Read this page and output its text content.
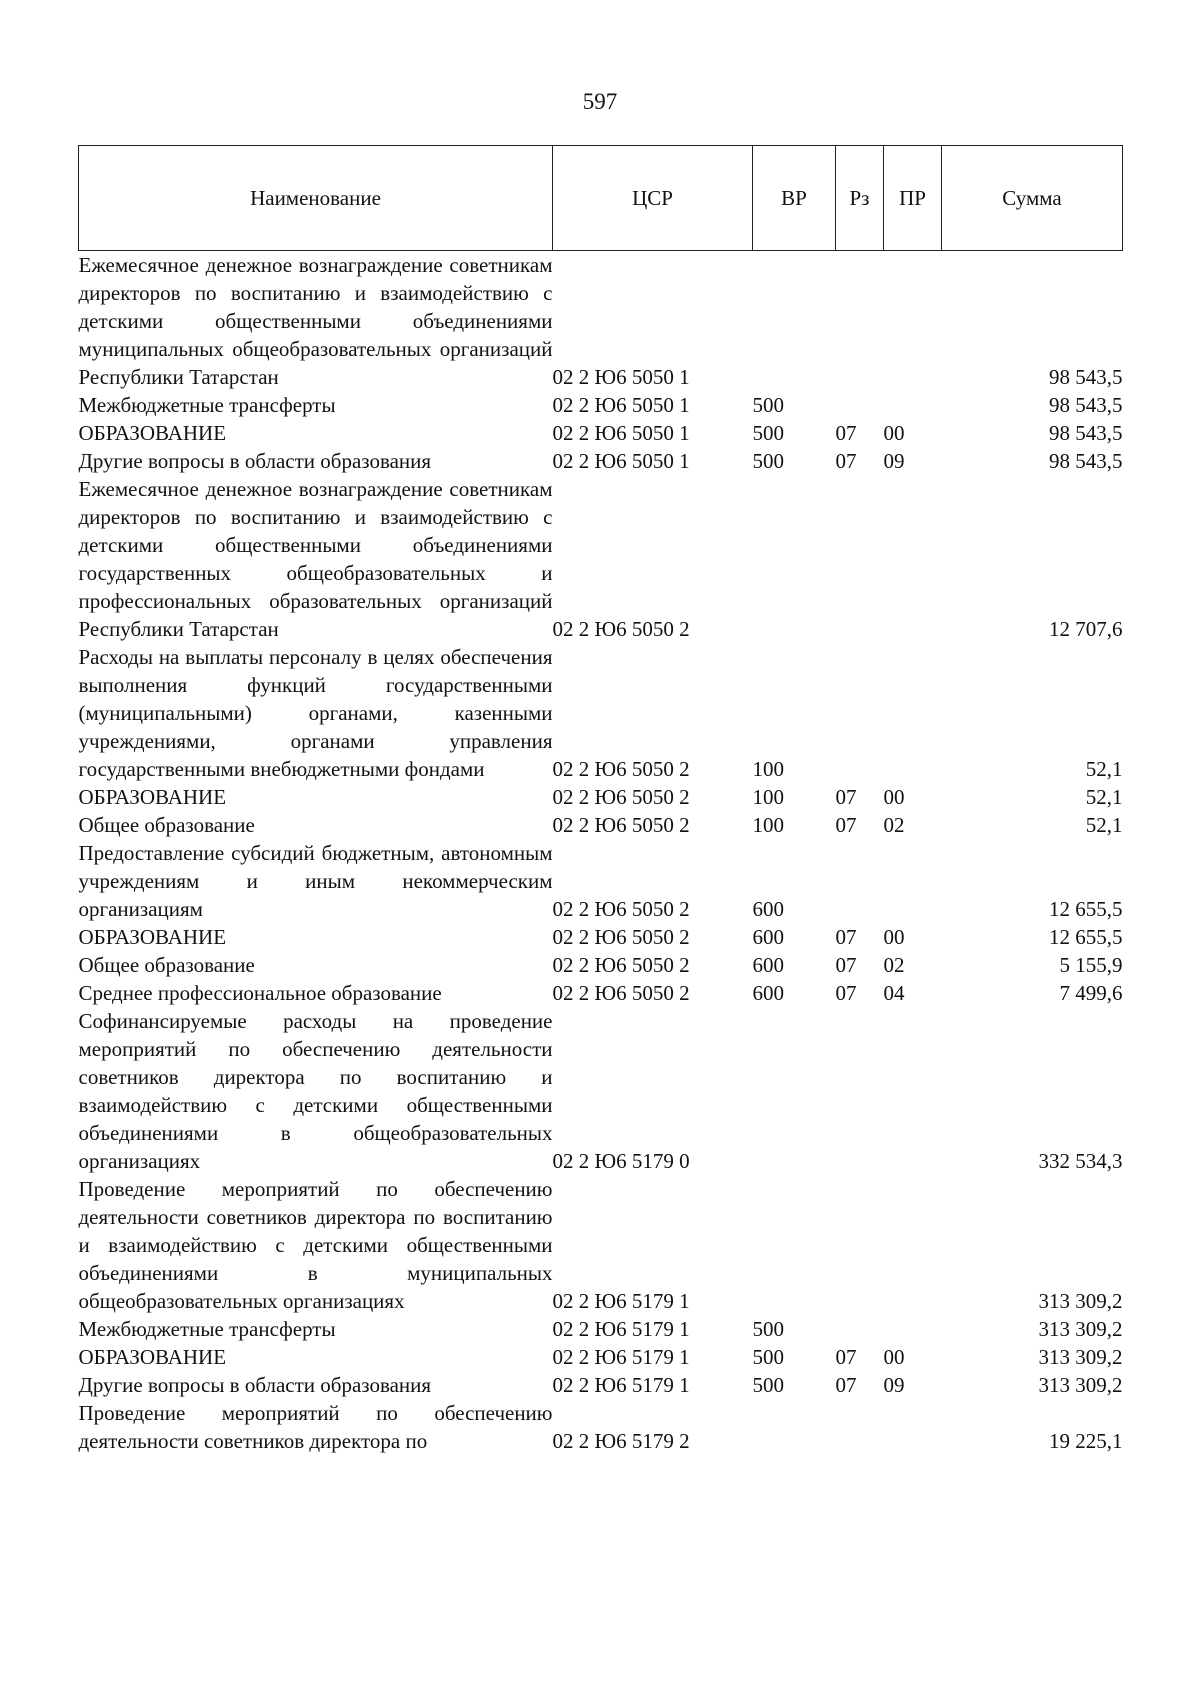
597
Наименование	ЦСР	ВР	Рз	ПР	Сумма
Ежемесячное денежное вознаграждение советникам директоров по воспитанию и взаимодействию с детскими общественными объединениями муниципальных общеобразовательных организаций Республики Татарстан	02 2 Ю6 5050 1				98 543,5
Межбюджетные трансферты	02 2 Ю6 5050 1	500			98 543,5
ОБРАЗОВАНИЕ	02 2 Ю6 5050 1	500	07	00	98 543,5
Другие вопросы в области образования	02 2 Ю6 5050 1	500	07	09	98 543,5
Ежемесячное денежное вознаграждение советникам директоров по воспитанию и взаимодействию с детскими общественными объединениями государственных общеобразовательных и профессиональных образовательных организаций Республики Татарстан	02 2 Ю6 5050 2				12 707,6
Расходы на выплаты персоналу в целях обеспечения выполнения функций государственными (муниципальными) органами, казенными учреждениями, органами управления государственными внебюджетными фондами	02 2 Ю6 5050 2	100			52,1
ОБРАЗОВАНИЕ	02 2 Ю6 5050 2	100	07	00	52,1
Общее образование	02 2 Ю6 5050 2	100	07	02	52,1
Предоставление субсидий бюджетным, автономным учреждениям и иным некоммерческим организациям	02 2 Ю6 5050 2	600			12 655,5
ОБРАЗОВАНИЕ	02 2 Ю6 5050 2	600	07	00	12 655,5
Общее образование	02 2 Ю6 5050 2	600	07	02	5 155,9
Среднее профессиональное образование	02 2 Ю6 5050 2	600	07	04	7 499,6
Софинансируемые расходы на проведение мероприятий по обеспечению деятельности советников директора по воспитанию и взаимодействию с детскими общественными объединениями в общеобразовательных организациях	02 2 Ю6 5179 0				332 534,3
Проведение мероприятий по обеспечению деятельности советников директора по воспитанию и взаимодействию с детскими общественными объединениями в муниципальных общеобразовательных организациях	02 2 Ю6 5179 1				313 309,2
Межбюджетные трансферты	02 2 Ю6 5179 1	500			313 309,2
ОБРАЗОВАНИЕ	02 2 Ю6 5179 1	500	07	00	313 309,2
Другие вопросы в области образования	02 2 Ю6 5179 1	500	07	09	313 309,2
Проведение мероприятий по обеспечению деятельности советников директора по	02 2 Ю6 5179 2				19 225,1
